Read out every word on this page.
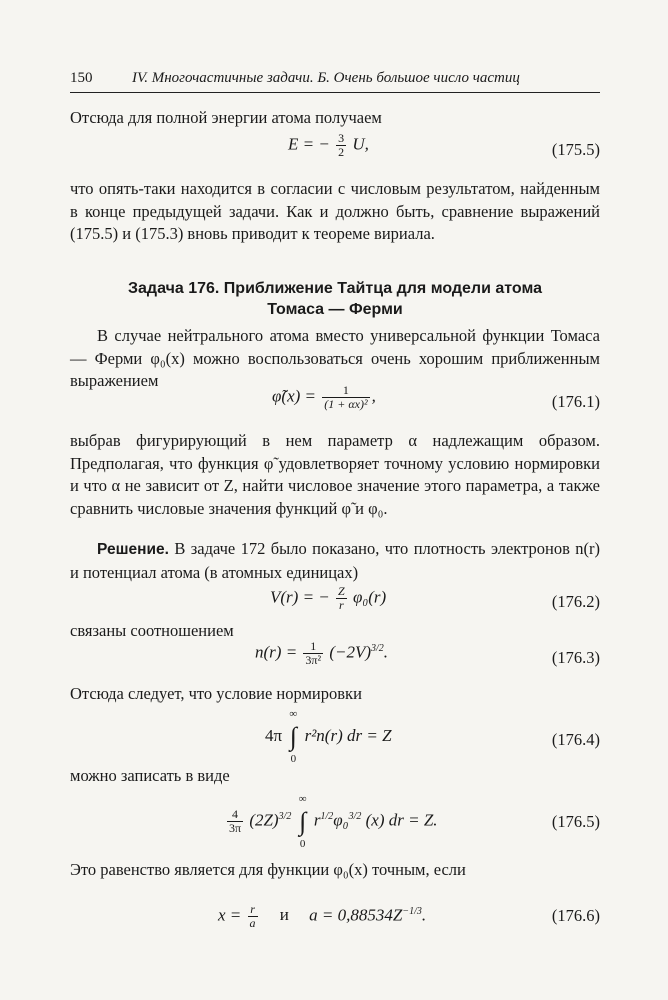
150	IV. Многочастичные задачи. Б. Очень большое число частиц

Отсюда для полной энергии атома получаем

E = − $\frac{3}{2} U$,	(175.5)

что опять-таки находится в согласии с числовым результатом, найденным в конце предыдущей задачи. Как и должно быть, сравнение выражений (175.5) и (175.3) вновь приводит к теореме вириала.

Задача 176. Приближение Тайтца для модели атома
Томаса — Ферми

В случае нейтрального атома вместо универсальной функции Томаса — Ферми φ₀(x) можно воспользоваться очень хорошим приближенным выражением

φ̃(x) = $\frac{1}{\text{(1 + αx)²}}$ ,	(176.1)

выбрав фигурирующий в нем параметр α надлежащим образом. Предполагая, что функция φ̃ удовлетворяет точному условию нормировки и что α не зависит от Z, найти числовое значение этого параметра, а также сравнить числовые значения функций φ̃ и φ₀.

Решение. В задаче 172 было показано, что плотность электронов n(r) и потенциал атома (в атомных единицах)

V(r) = − $\frac{Z}{r} \varphi_0(r)$	(176.2)

связаны соотношением

$n(r) = \frac{1}{\text{3π²}} (-2V)^{3/2}$.	(176.3)

Отсюда следует, что условие нормировки

4π ∫
∞
0
r²n(r) dr = Z	(176.4)

можно записать в виде

$\frac{4}{3\pi} (2Z)^{3/2}$ ∫
∞
0
$r^{1/2}\varphi_0^{3/2}$ (x) dr = Z.	(176.5)

Это равенство является для функции φ₀(x) точным, если

$x = \frac{r}{a}$ и $a = 0,88534Z^{-1/3}$.	(176.6)
